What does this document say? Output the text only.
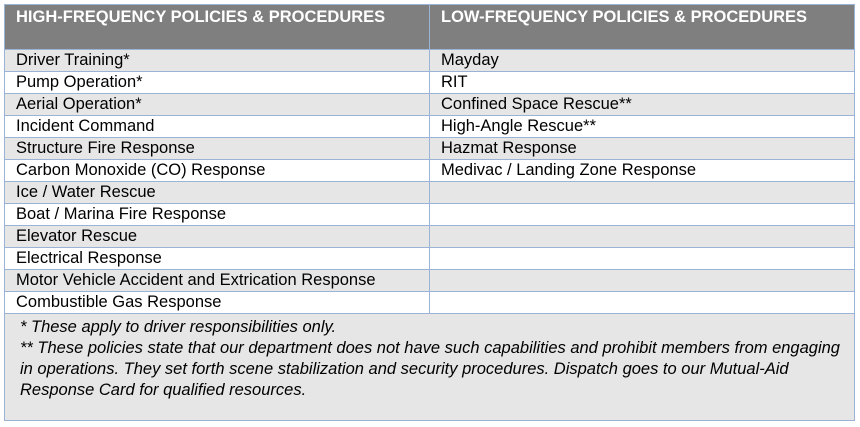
HIGH-FREQUENCY POLICIES & PROCEDURES	LOW-FREQUENCY POLICIES & PROCEDURES
Driver Training*	Mayday
Pump Operation*	RIT
Aerial Operation*	Confined Space Rescue**
Incident Command	High-Angle Rescue**
Structure Fire Response	Hazmat Response
Carbon Monoxide (CO) Response	Medivac / Landing Zone Response
Ice / Water Rescue	
Boat / Marina Fire Response	
Elevator Rescue	
Electrical Response	
Motor Vehicle Accident and Extrication Response	
Combustible Gas Response	

* These apply to driver responsibilities only.
** These policies state that our department does not have such capabilities and prohibit members from engaging in operations. They set forth scene stabilization and security procedures. Dispatch goes to our Mutual-Aid Response Card for qualified resources.	
